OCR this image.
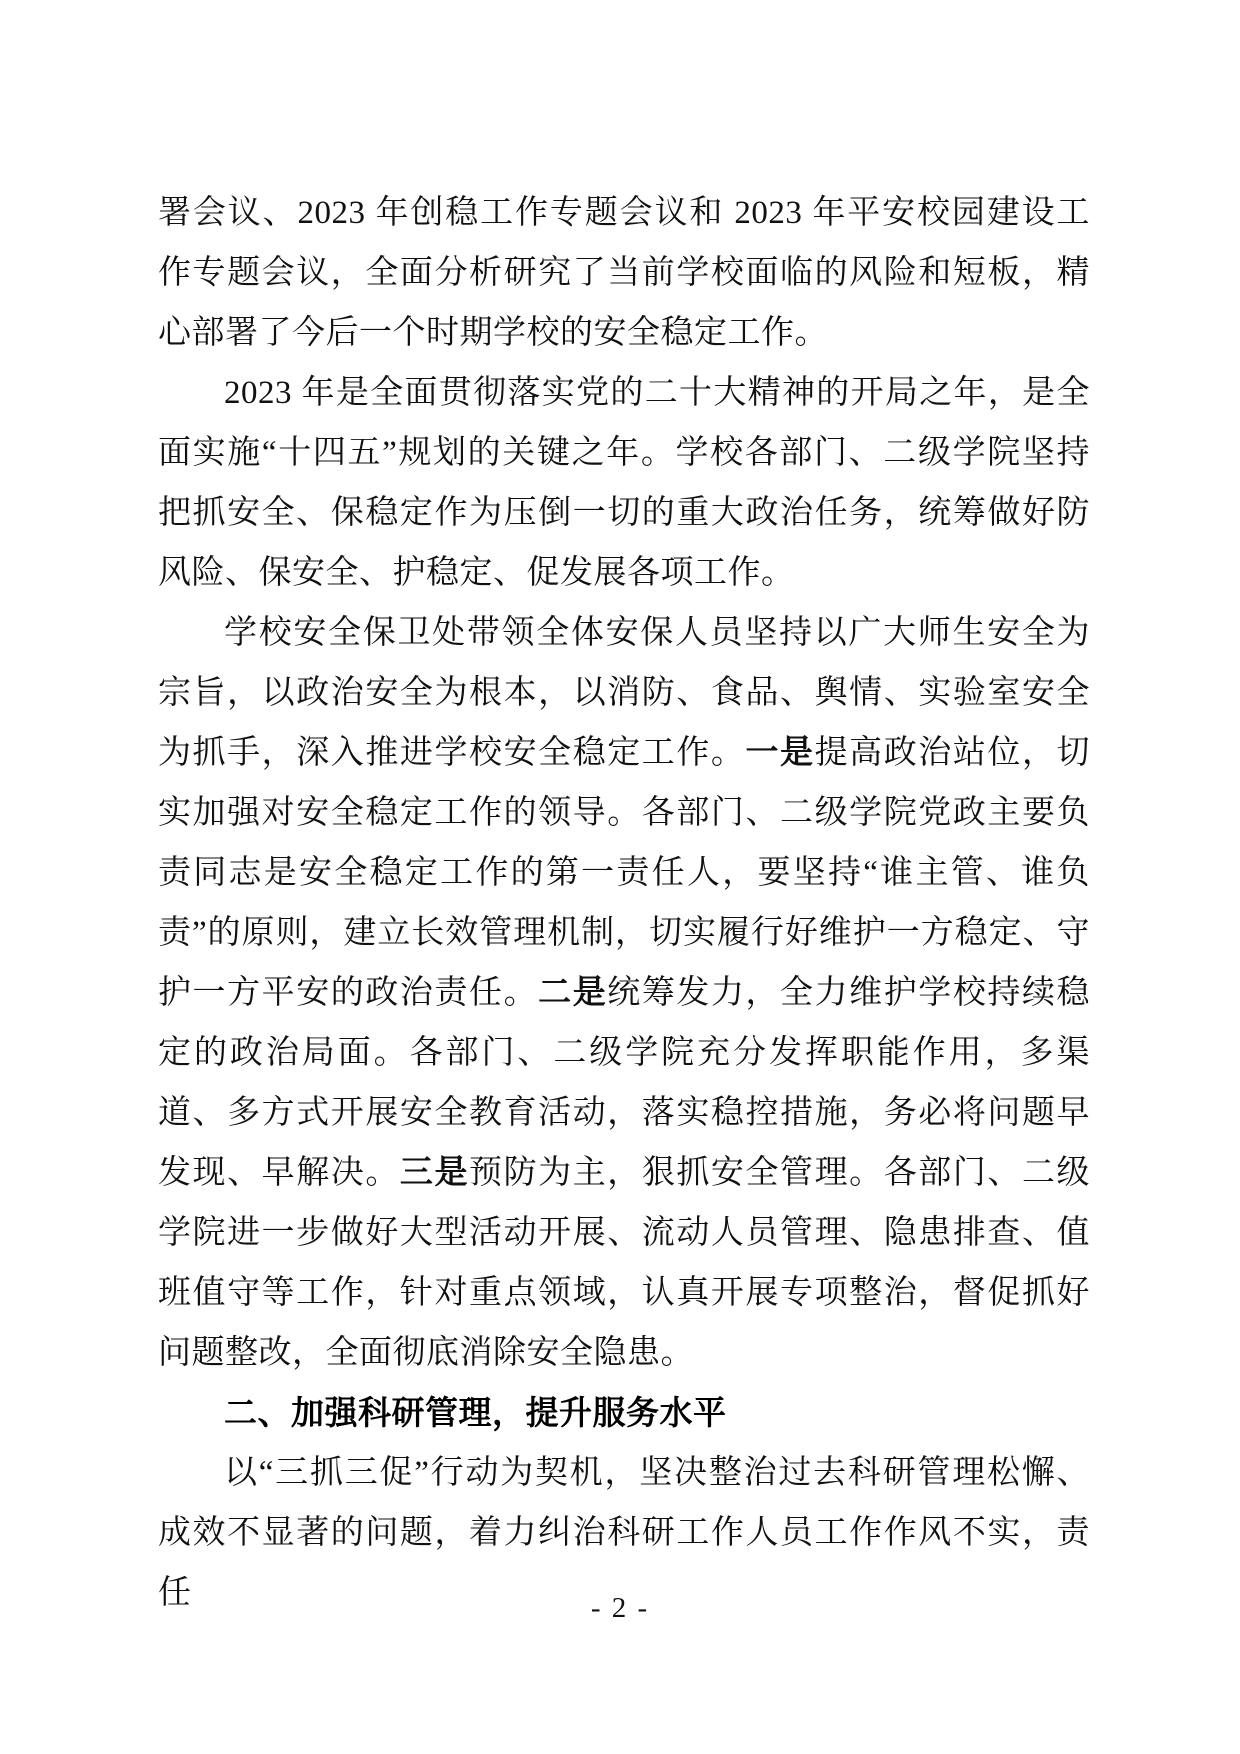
署会议、2023 年创稳工作专题会议和 2023 年平安校园建设工作专题会议，全面分析研究了当前学校面临的风险和短板，精心部署了今后一个时期学校的安全稳定工作。

2023 年是全面贯彻落实党的二十大精神的开局之年，是全面实施“十四五”规划的关键之年。学校各部门、二级学院坚持把抓安全、保稳定作为压倒一切的重大政治任务，统筹做好防风险、保安全、护稳定、促发展各项工作。

学校安全保卫处带领全体安保人员坚持以广大师生安全为宗旨，以政治安全为根本，以消防、食品、舆情、实验室安全为抓手，深入推进学校安全稳定工作。一是提高政治站位，切实加强对安全稳定工作的领导。各部门、二级学院党政主要负责同志是安全稳定工作的第一责任人，要坚持“谁主管、谁负责”的原则，建立长效管理机制，切实履行好维护一方稳定、守护一方平安的政治责任。二是统筹发力，全力维护学校持续稳定的政治局面。各部门、二级学院充分发挥职能作用，多渠道、多方式开展安全教育活动，落实稳控措施，务必将问题早发现、早解决。三是预防为主，狠抓安全管理。各部门、二级学院进一步做好大型活动开展、流动人员管理、隐患排查、值班值守等工作，针对重点领域，认真开展专项整治，督促抓好问题整改，全面彻底消除安全隐患。

二、加强科研管理，提升服务水平

以“三抓三促”行动为契机，坚决整治过去科研管理松懈、成效不显著的问题，着力纠治科研工作人员工作作风不实，责任	- 2 -
